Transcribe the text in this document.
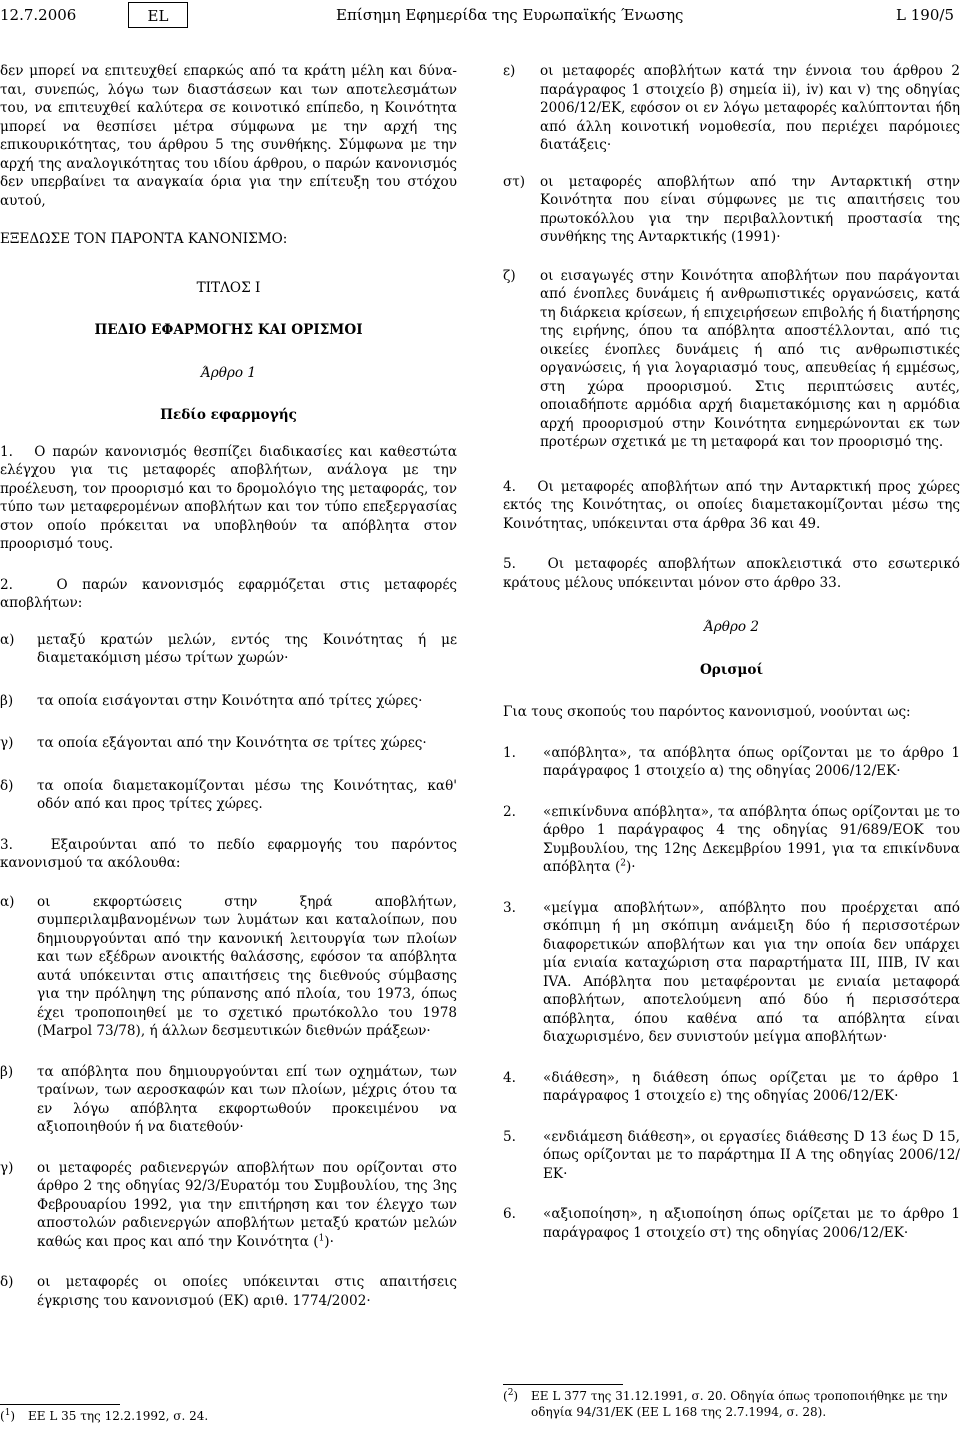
12.7.2006	EL	Επίσημη Εφημερίδα της Ευρωπαϊκής Ένωσης	L 190/5

δεν μπορεί να επιτευχθεί επαρκώς από τα κράτη μέλη και δύναται, συνεπώς, λόγω των διαστάσεων και των αποτελεσμάτων του, να επιτευχθεί καλύτερα σε κοινοτικό επίπεδο, η Κοινότητα μπορεί να θεσπίσει μέτρα σύμφωνα με την αρχή της επικουρικότητας, του άρθρου 5 της συνθήκης. Σύμφωνα με την αρχή της αναλογικότητας του ιδίου άρθρου, ο παρών κανονισμός δεν υπερβαίνει τα αναγκαία όρια για την επίτευξη του στόχου αυτού,

ΕΞΕΔΩΣΕ ΤΟΝ ΠΑΡΟΝΤΑ ΚΑΝΟΝΙΣΜΟ:

ΤΙΤΛΟΣ I

ΠΕΔΙΟ ΕΦΑΡΜΟΓΗΣ ΚΑΙ ΟΡΙΣΜΟΙ

Άρθρο 1

Πεδίο εφαρμογής

1. Ο παρών κανονισμός θεσπίζει διαδικασίες και καθεστώτα ελέγχου για τις μεταφορές αποβλήτων, ανάλογα με την προέλευση, τον προορισμό και το δρομολόγιο της μεταφοράς, τον τύπο των μεταφερομένων αποβλήτων και τον τύπο επεξεργασίας στον οποίο πρόκειται να υποβληθούν τα απόβλητα στον προορισμό τους.

2.	Ο παρών κανονισμός εφαρμόζεται στις μεταφορές αποβλήτων:

α)	μεταξύ κρατών μελών, εντός της Κοινότητας ή με διαμετακόμιση μέσω τρίτων χωρών·
β)	τα οποία εισάγονται στην Κοινότητα από τρίτες χώρες·
γ)	τα οποία εξάγονται από την Κοινότητα σε τρίτες χώρες·
δ)	τα οποία διαμετακομίζονται μέσω της Κοινότητας, καθ' οδόν από και προς τρίτες χώρες.

3.	Εξαιρούνται από το πεδίο εφαρμογής του παρόντος κανονισμού τα ακόλουθα:

α)	οι εκφορτώσεις στην ξηρά αποβλήτων, συμπεριλαμβανομένων των λυμάτων και καταλοίπων, που δημιουργούνται από την κανονική λειτουργία των πλοίων και των εξέδρων ανοικτής θαλάσσης, εφόσον τα απόβλητα αυτά υπόκεινται στις απαιτήσεις της διεθνούς σύμβασης για την πρόληψη της ρύπανσης από πλοία, του 1973, όπως έχει τροποποιηθεί με το σχετικό πρωτόκολλο του 1978 (Marpol 73/78), ή άλλων δεσμευτικών διεθνών πράξεων·
β)	τα απόβλητα που δημιουργούνται επί των οχημάτων, των τραίνων, των αεροσκαφών και των πλοίων, μέχρις ότου τα εν λόγω απόβλητα εκφορτωθούν προκειμένου να αξιοποιηθούν ή να διατεθούν·
γ)	οι μεταφορές ραδιενεργών αποβλήτων που ορίζονται στο άρθρο 2 της οδηγίας 92/3/Ευρατόμ του Συμβουλίου, της 3ης Φεβρουαρίου 1992, για την επιτήρηση και τον έλεγχο των αποστολών ραδιενεργών αποβλήτων μεταξύ κρατών μελών καθώς και προς και από την Κοινότητα ($^1$)·
δ)	οι μεταφορές οι οποίες υπόκεινται στις απαιτήσεις έγκρισης του κανονισμού (ΕΚ) αριθ. 1774/2002·
($^1$)	ΕΕ L 35 της 12.2.1992, σ. 24.
ε)	οι μεταφορές αποβλήτων κατά την έννοια του άρθρου 2 παράγραφος 1 στοιχείο β) σημεία ii), iv) και v) της οδηγίας 2006/12/ΕΚ, εφόσον οι εν λόγω μεταφορές καλύπτονται ήδη από άλλη κοινοτική νομοθεσία, που περιέχει παρόμοιες διατάξεις·
στ)	οι μεταφορές αποβλήτων από την Ανταρκτική στην Κοινότητα που είναι σύμφωνες με τις απαιτήσεις του πρωτοκόλλου για την περιβαλλοντική προστασία της συνθήκης της Ανταρκτικής (1991)·
ζ)	οι εισαγωγές στην Κοινότητα αποβλήτων που παράγονται από ένοπλες δυνάμεις ή ανθρωπιστικές οργανώσεις, κατά τη διάρκεια κρίσεων, ή επιχειρήσεων επιβολής ή διατήρησης της ειρήνης, όπου τα απόβλητα αποστέλλονται, από τις οικείες ένοπλες δυνάμεις ή από τις ανθρωπιστικές οργανώσεις, ή για λογαριασμό τους, απευθείας ή εμμέσως, στη χώρα προορισμού. Στις περιπτώσεις αυτές, οποιαδήποτε αρμόδια αρχή διαμετακόμισης και η αρμόδια αρχή προορισμού στην Κοινότητα ενημερώνονται εκ των προτέρων σχετικά με τη μεταφορά και τον προορισμό της.

4. Οι μεταφορές αποβλήτων από την Ανταρκτική προς χώρες εκτός της Κοινότητας, οι οποίες διαμετακομίζονται μέσω της Κοινότητας, υπόκεινται στα άρθρα 36 και 49.

5. Οι μεταφορές αποβλήτων αποκλειστικά στο εσωτερικό κράτους μέλους υπόκεινται μόνον στο άρθρο 33.

Άρθρο 2

Ορισμοί

Για τους σκοπούς του παρόντος κανονισμού, νοούνται ως:

1.	«απόβλητα», τα απόβλητα όπως ορίζονται με το άρθρο 1 παράγραφος 1 στοιχείο α) της οδηγίας 2006/12/ΕΚ·
2.	«επικίνδυνα απόβλητα», τα απόβλητα όπως ορίζονται με το άρθρο 1 παράγραφος 4 της οδηγίας 91/689/ΕΟΚ του Συμβουλίου, της 12ης Δεκεμβρίου 1991, για τα επικίνδυνα απόβλητα ($^2$)·
3.	«μείγμα αποβλήτων», απόβλητο που προέρχεται από σκόπιμη ή μη σκόπιμη ανάμειξη δύο ή περισσοτέρων διαφορετικών αποβλήτων και για την οποία δεν υπάρχει μία ενιαία καταχώριση στα παραρτήματα III, IIIB, IV και IVA. Απόβλητα που μεταφέρονται με ενιαία μεταφορά αποβλήτων, αποτελούμενη από δύο ή περισσότερα απόβλητα, όπου καθένα από τα απόβλητα είναι διαχωρισμένο, δεν συνιστούν μείγμα αποβλήτων·
4.	«διάθεση», η διάθεση όπως ορίζεται με το άρθρο 1 παράγραφος 1 στοιχείο ε) της οδηγίας 2006/12/ΕΚ·
5.	«ενδιάμεση διάθεση», οι εργασίες διάθεσης D 13 έως D 15, όπως ορίζονται με το παράρτημα II A της οδηγίας 2006/12/ΕΚ·
6.	«αξιοποίηση», η αξιοποίηση όπως ορίζεται με το άρθρο 1 παράγραφος 1 στοιχείο στ) της οδηγίας 2006/12/ΕΚ·
($^2$)	ΕΕ L 377 της 31.12.1991, σ. 20. Οδηγία όπως τροποποιήθηκε με την οδηγία 94/31/ΕΚ (ΕΕ L 168 της 2.7.1994, σ. 28).
